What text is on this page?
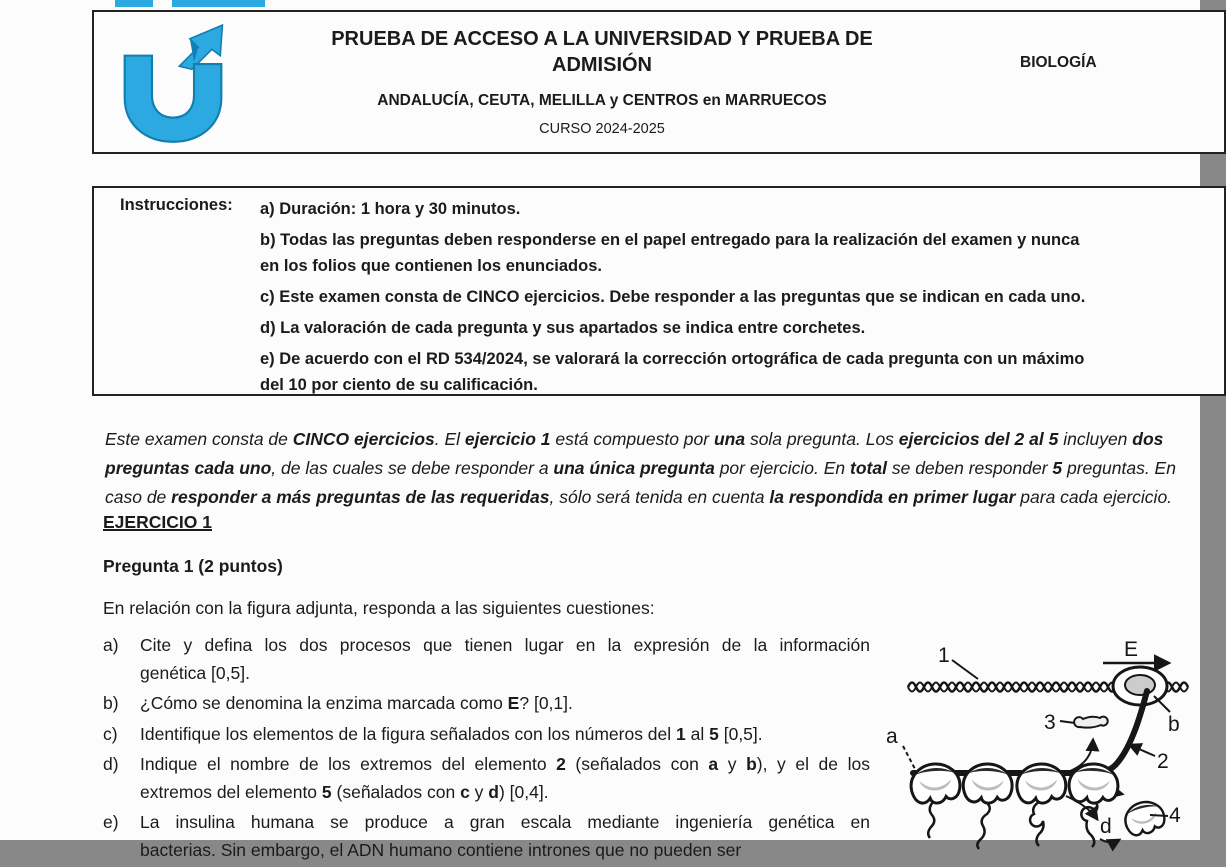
PRUEBA DE ACCESO A LA UNIVERSIDAD Y PRUEBA DE
ADMISIÓN
ANDALUCÍA, CEUTA, MELILLA y CENTROS en MARRUECOS
CURSO 2024-2025
BIOLOGÍA
Instrucciones: a) Duración: 1 hora y 30 minutos.
b) Todas las preguntas deben responderse en el papel entregado para la realización del examen y nunca
en los folios que contienen los enunciados.
c) Este examen consta de CINCO ejercicios. Debe responder a las preguntas que se indican en cada uno.
d) La valoración de cada pregunta y sus apartados se indica entre corchetes.
e) De acuerdo con el RD 534/2024, se valorará la corrección ortográfica de cada pregunta con un máximo
del 10 por ciento de su calificación.
Este examen consta de CINCO ejercicios. El ejercicio 1 está compuesto por una sola pregunta. Los ejercicios del 2 al 5 incluyen dos
preguntas cada uno, de las cuales se debe responder a una única pregunta por ejercicio. En total se deben responder 5 preguntas. En
caso de responder a más preguntas de las requeridas, sólo será tenida en cuenta la respondida en primer lugar para cada ejercicio.
EJERCICIO 1
Pregunta 1 (2 puntos)
En relación con la figura adjunta, responda a las siguientes cuestiones:
a) Cite y defina los dos procesos que tienen lugar en la expresión de la información
genética [0,5].
b) ¿Cómo se denomina la enzima marcada como E? [0,1].
c) Identifique los elementos de la figura señalados con los números del 1 al 5 [0,5].
d) Indique el nombre de los extremos del elemento 2 (señalados con a y b), y el de los
extremos del elemento 5 (señalados con c y d) [0,4].
e) La insulina humana se produce a gran escala mediante ingeniería genética en
bacterias. Sin embargo, el ADN humano contiene intrones que no pueden ser
1	E
b
3
2
a
d	4
